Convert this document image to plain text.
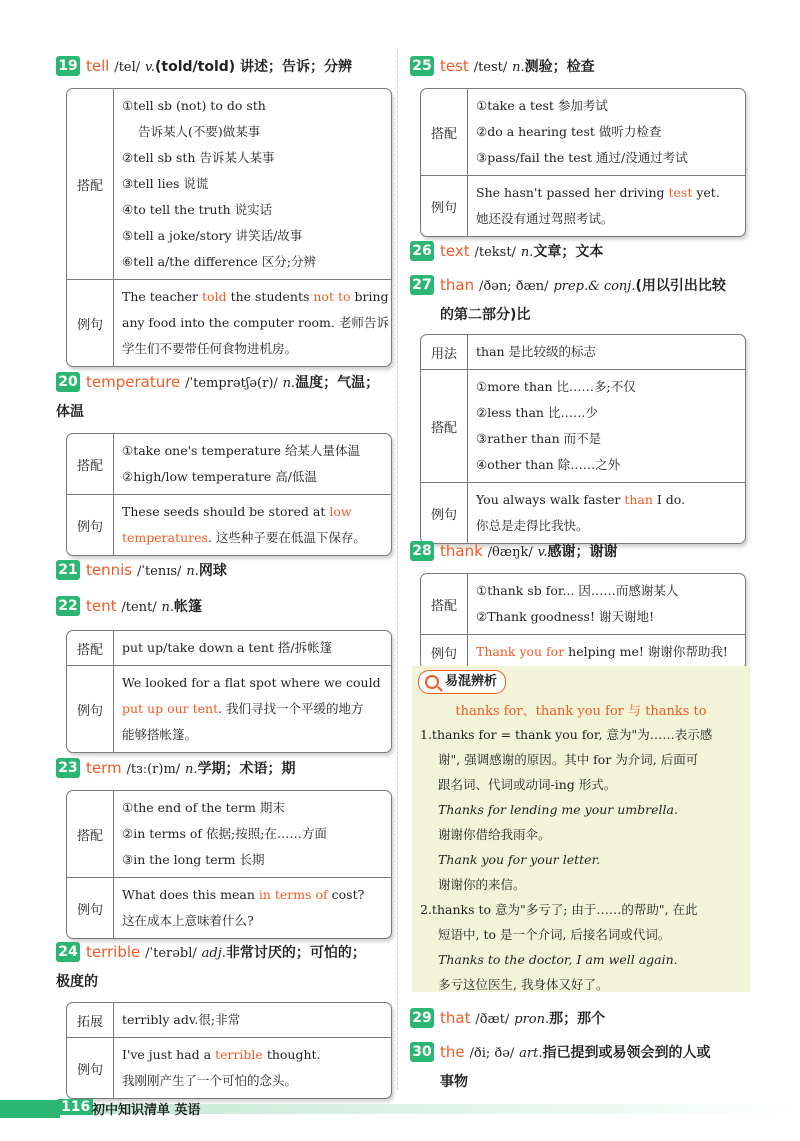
19 tell /tel/ v.(told/told) 讲述；告诉；分辨
搭配
①tell sb (not) to do sth
告诉某人(不要)做某事
②tell sb sth 告诉某人某事
③tell lies 说谎
④to tell the truth 说实话
⑤tell a joke/story 讲笑话/故事
⑥tell a/the difference 区分;分辨
例句
The teacher told the students not to bring
any food into the computer room. 老师告诉
学生们不要带任何食物进机房。
20 temperature /ˈtemprətʃə(r)/ n.温度；气温；
体温
搭配
①take one's temperature 给某人量体温
②high/low temperature 高/低温
例句
These seeds should be stored at low
temperatures. 这些种子要在低温下保存。
21 tennis /ˈtenɪs/ n.网球
22 tent /tent/ n.帐篷
搭配	put up/take down a tent 搭/拆帐篷
例句
We looked for a flat spot where we could
put up our tent. 我们寻找一个平缓的地方
能够搭帐篷。
23 term /tɜː(r)m/ n.学期；术语；期
搭配
①the end of the term 期末
②in terms of 依据;按照;在……方面
③in the long term 长期
例句
What does this mean in terms of cost?
这在成本上意味着什么?
24 terrible /ˈterəbl/ adj.非常讨厌的；可怕的；
极度的
拓展	terribly adv.很;非常
例句
I've just had a terrible thought.
我刚刚产生了一个可怕的念头。
25 test /test/ n.测验；检查
搭配
①take a test 参加考试
②do a hearing test 做听力检查
③pass/fail the test 通过/没通过考试
例句
She hasn't passed her driving test yet.
她还没有通过驾照考试。
26 text /tekst/ n.文章；文本
27 than /ðən; ðæn/ prep.& conj.(用以引出比较
的第二部分)比
用法	than 是比较级的标志
搭配
①more than 比……多;不仅
②less than 比……少
③rather than 而不是
④other than 除……之外
例句
You always walk faster than I do.
你总是走得比我快。
28 thank /θæŋk/ v.感谢；谢谢
搭配
①thank sb for... 因……而感谢某人
②Thank goodness! 谢天谢地!
例句	Thank you for helping me! 谢谢你帮助我!
29 that /ðæt/ pron.那；那个
30 the /ði; ðə/ art.指已提到或易领会到的人或
事物
易混辨析
thanks for、thank you for 与 thanks to
1.thanks for = thank you for, 意为"为……表示感
谢", 强调感谢的原因。其中 for 为介词, 后面可
跟名词、代词或动词-ing 形式。
Thanks for lending me your umbrella.
谢谢你借给我雨伞。
Thank you for your letter.
谢谢你的来信。
2.thanks to 意为"多亏了; 由于……的帮助", 在此
短语中, to 是一个介词, 后接名词或代词。
Thanks to the doctor, I am well again.
多亏这位医生, 我身体又好了。
116 初中知识清单 英语
